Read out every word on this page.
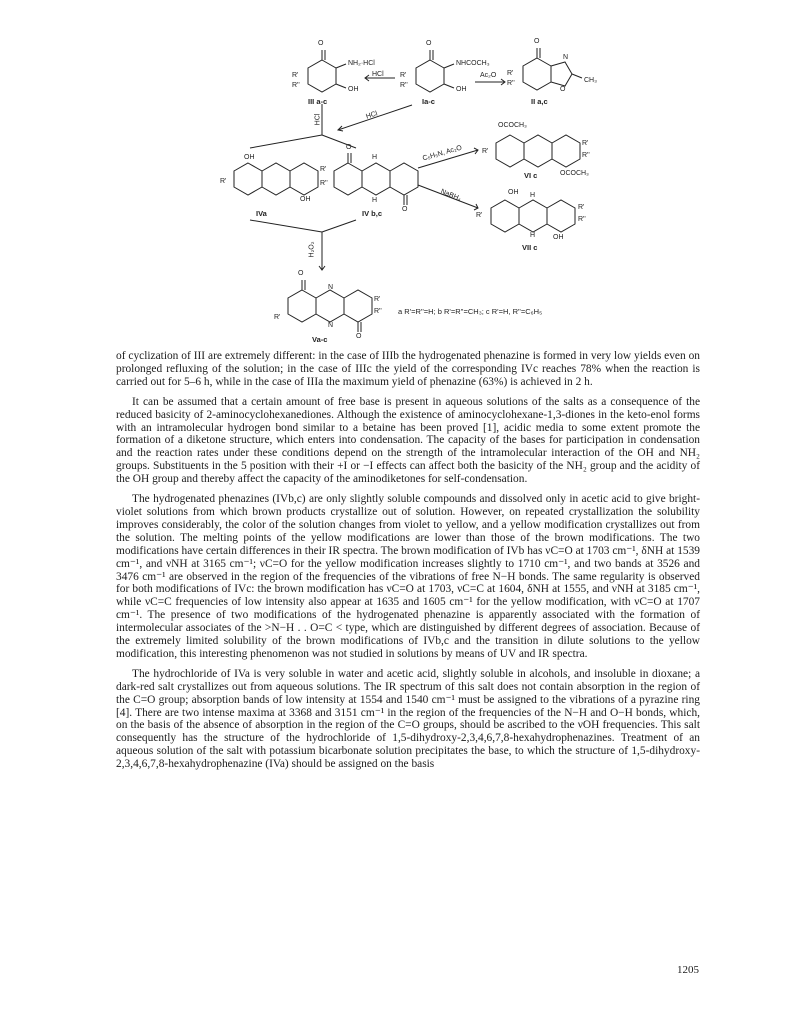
O
NH₂·HCl
OH
R'
R''
III a-c
HCl
O
NHCOCH₃
OH
R'
R''
Ia-c
Ac₂O
O
N
O
CH₃
R'
R''
II a,c
HCl	HCl
OH
OH
R'
R''
R'
IVa
O
O
H
H
IV b,c
C₅H₅N, Ac₂O
NaBH₄
OCOCH₃
OCOCH₃
R'
R''
R'
VI c
OH
OH
H
H
R'
R''
R'
VII c
H₂O₂
O
O
N
N
R'
R''
R'
Va-c
a R'=R''=H; b R'=R''=CH₃; c R'=H, R''=C₆H₅

of cyclization of III are extremely different: in the case of IIIb the hydrogenated phenazine is formed in very low yields even on prolonged refluxing of the solution; in the case of IIIc the yield of the corresponding IVc reaches 78% when the reaction is carried out for 5–6 h, while in the case of IIIa the maximum yield of phenazine (63%) is achieved in 2 h.

It can be assumed that a certain amount of free base is present in aqueous solutions of the salts as a consequence of the reduced basicity of 2-aminocyclohexanediones. Although the existence of aminocyclohexane-1,3-diones in the keto-enol forms with an intramolecular hydrogen bond similar to a betaine has been proved [1], acidic media to some extent promote the formation of a diketone structure, which enters into condensation. The capacity of the bases for participation in condensation and the reaction rates under these conditions depend on the strength of the intramolecular interaction of the OH and NH₂ groups. Substituents in the 5 position with their +I or −I effects can affect both the basicity of the NH₂ group and the acidity of the OH group and thereby affect the capacity of the aminodiketones for self-condensation.

The hydrogenated phenazines (IVb,c) are only slightly soluble compounds and dissolved only in acetic acid to give bright-violet solutions from which brown products crystallize out of solution. However, on repeated crystallization the solubility improves considerably, the color of the solution changes from violet to yellow, and a yellow modification crystallizes out from the solution. The melting points of the yellow modifications are lower than those of the brown modifications. The two modifications have certain differences in their IR spectra. The brown modification of IVb has νC=O at 1703 cm⁻¹, δNH at 1539 cm⁻¹, and νNH at 3165 cm⁻¹; νC=O for the yellow modification increases slightly to 1710 cm⁻¹, and two bands at 3526 and 3476 cm⁻¹ are observed in the region of the frequencies of the vibrations of free N−H bonds. The same regularity is observed for both modifications of IVc: the brown modification has νC=O at 1703, νC=C at 1604, δNH at 1555, and νNH at 3185 cm⁻¹, while νC=C frequencies of low intensity also appear at 1635 and 1605 cm⁻¹ for the yellow modification, with νC=O at 1707 cm⁻¹. The presence of two modifications of the hydrogenated phenazine is apparently associated with the formation of intermolecular associates of the >N−H . . O=C < type, which are distinguished by different degrees of association. Because of the extremely limited solubility of the brown modifications of IVb,c and the transition in dilute solutions to the yellow modification, this interesting phenomenon was not studied in solutions by means of UV and IR spectra.

The hydrochloride of IVa is very soluble in water and acetic acid, slightly soluble in alcohols, and insoluble in dioxane; a dark-red salt crystallizes out from aqueous solutions. The IR spectrum of this salt does not contain absorption in the region of the C=O group; absorption bands of low intensity at 1554 and 1540 cm⁻¹ must be assigned to the vibrations of a pyrazine ring [4]. There are two intense maxima at 3368 and 3151 cm⁻¹ in the region of the frequencies of the N−H and O−H bonds, which, on the basis of the absence of absorption in the region of the C=O groups, should be ascribed to the νOH frequencies. This salt consequently has the structure of the hydrochloride of 1,5-dihydroxy-2,3,4,6,7,8-hexahydrophenazines. Treatment of an aqueous solution of the salt with potassium bicarbonate solution precipitates the base, to which the structure of 1,5-dihydroxy-2,3,4,6,7,8-hexahydrophenazine (IVa) should be assigned on the basis

1205
